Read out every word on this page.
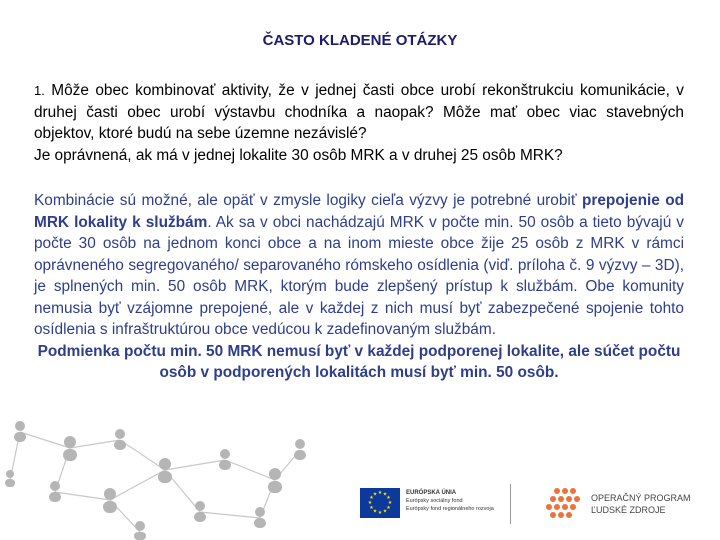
ČASTO KLADENÉ OTÁZKY
1. Môže obec kombinovať aktivity, že v jednej časti obce urobí rekonštrukciu komunikácie, v druhej časti obec urobí výstavbu chodníka a naopak? Môže mať obec viac stavebných objektov, ktoré budú na sebe územne nezávislé?
Je oprávnená, ak má v jednej lokalite 30 osôb MRK a v druhej 25 osôb MRK?
Kombinácie sú možné, ale opäť v zmysle logiky cieľa výzvy je potrebné urobiť prepojenie od MRK lokality k službám. Ak sa v obci nachádzajú MRK v počte min. 50 osôb a tieto bývajú v počte 30 osôb na jednom konci obce a na inom mieste obce žije 25 osôb z MRK v rámci oprávneného segregovaného/ separovaného rómskeho osídlenia (viď. príloha č. 9 výzvy – 3D), je splnených min. 50 osôb MRK, ktorým bude zlepšený prístup k službám. Obe komunity nemusia byť vzájomne prepojené, ale v každej z nich musí byť zabezpečené spojenie tohto osídlenia s infraštruktúrou obce vedúcou k zadefinovaným službám.
Podmienka počtu min. 50 MRK nemusí byť v každej podporenej lokalite, ale súčet počtu osôb v podporených lokalitách musí byť min. 50 osôb.
★ ★
★
★
★
★
★
★
★
★
★
★	EURÓPSKA ÚNIA
Európsky sociálny fond
Európsky fond regionálneho rozvoja
OPERAČNÝ PROGRAM
ĽUDSKÉ ZDROJE
